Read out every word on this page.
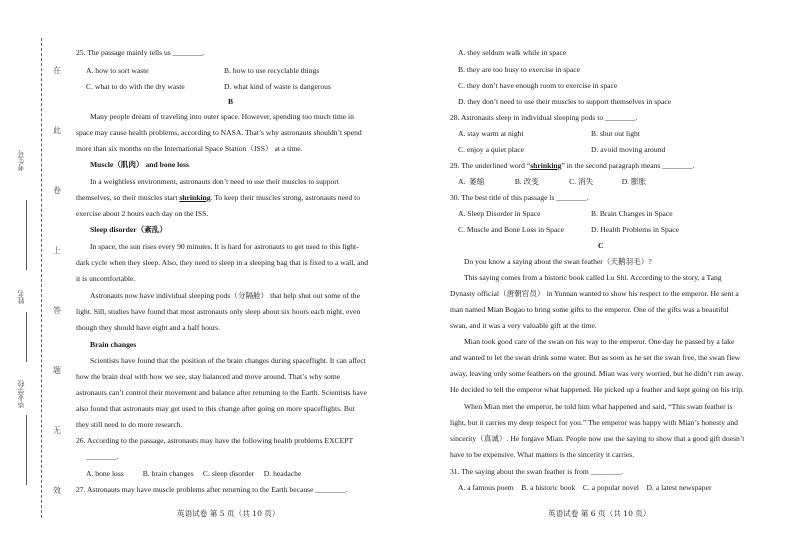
在
此
卷
上
答
题
无
效
考生号
姓名
毕业学校
25. The passage mainly tells us ________.
A. how to sort waste	B. how to use recyclable things
C. what to do with the dry waste	D. what kind of waste is dangerous
B
Many people dream of traveling into outer space. However, spending too much time in
space may cause health problems, according to NASA. That’s why astronauts shouldn’t spend
more than six months on the International Space Station（ISS） at a time.
Muscle（肌肉） and bone loss
In a weightless environment, astronauts don’t need to use their muscles to support
themselves, so their muscles start shrinking. To keep their muscles strong, astronauts need to
exercise about 2 hours each day on the ISS.
Sleep disorder（紊乱）
In space, the sun rises every 90 minutes. It is hard for astronauts to get used to this light-
dark cycle when they sleep. Also, they need to sleep in a sleeping bag that is fixed to a wall, and
it is uncomfortable.
Astronauts now have individual sleeping pods（分隔舱） that help shut out some of the
light. Sill, studies have found that most astronauts only sleep about six hours each night, even
though they should have eight and a half hours.
Brain changes
Scientists have found that the position of the brain changes during spaceflight. It can affect
how the brain deal with how we see, stay balanced and move around. That’s why some
astronauts can’t control their movement and balance after returning to the Earth. Scientists have
also found that astronauts may get used to this change after going on more spaceflights. But
they still need to do more research.
26. According to the passage, astronauts may have the following health problems EXCEPT
________.
A. bone loss          B. brain changes     C. sleep disorder     D. headache
27. Astronauts may have muscle problems after returning to the Earth because ________.
英语试卷 第 5 页（共 10 页）
A. they seldom walk while in space
B. they are too busy to exercise in space
C. they don’t have enough room to exercise in space
D. they don’t need to use their muscles to support themselves in space
28. Astronauts sleep in individual sleeping pods to ________.
A. stay warm at night	B. shut out light
C. enjoy a quiet place	D. avoid moving around
29. The underlined word “shrinking” in the second paragraph means ________.
A.  萎缩                B. 改变                C. 消失               D. 膨胀
30. The best title of this passage is ________.
A. Sleep Disorder in Space	B. Brain Changes in Space
C. Muscle and Bone Loss in Space	D. Health Problems in Space
C
Do you know a saying about the swan feather（天鹅羽毛）?
This saying comes from a historic book called Lu Shi. According to the story, a Tang
Dynasty official（唐朝官员） in Yunnan wanted to show his respect to the emperor. He sent a
man named Mian Bogao to bring some gifts to the emperor. One of the gifts was a beautiful
swan, and it was a very valuable gift at the time.
Mian took good care of the swan on his way to the emperor. One day he passed by a lake
and wanted to let the swan drink some water. But as soon as he set the swan free, the swan flew
away, leaving only some feathers on the ground. Mian was very worried, but he didn’t run away.
He decided to tell the emperor what happened. He picked up a feather and kept going on his trip.
When Mian met the emperor, he told him what happened and said, “This swan feather is
light, but it carries my deep respect for you.” The emperor was happy with Mian’s honesty and
sincerity（真诚）. He forgave Mian. People now use the saying to show that a good gift doesn’t
have to be expensive. What matters is the sincerity it carries.
31. The saying about the swan feather is from ________.
A. a famous poem    B. a historic book    C. a popular novel    D. a latest newspaper
英语试卷 第 6 页（共 10 页）
